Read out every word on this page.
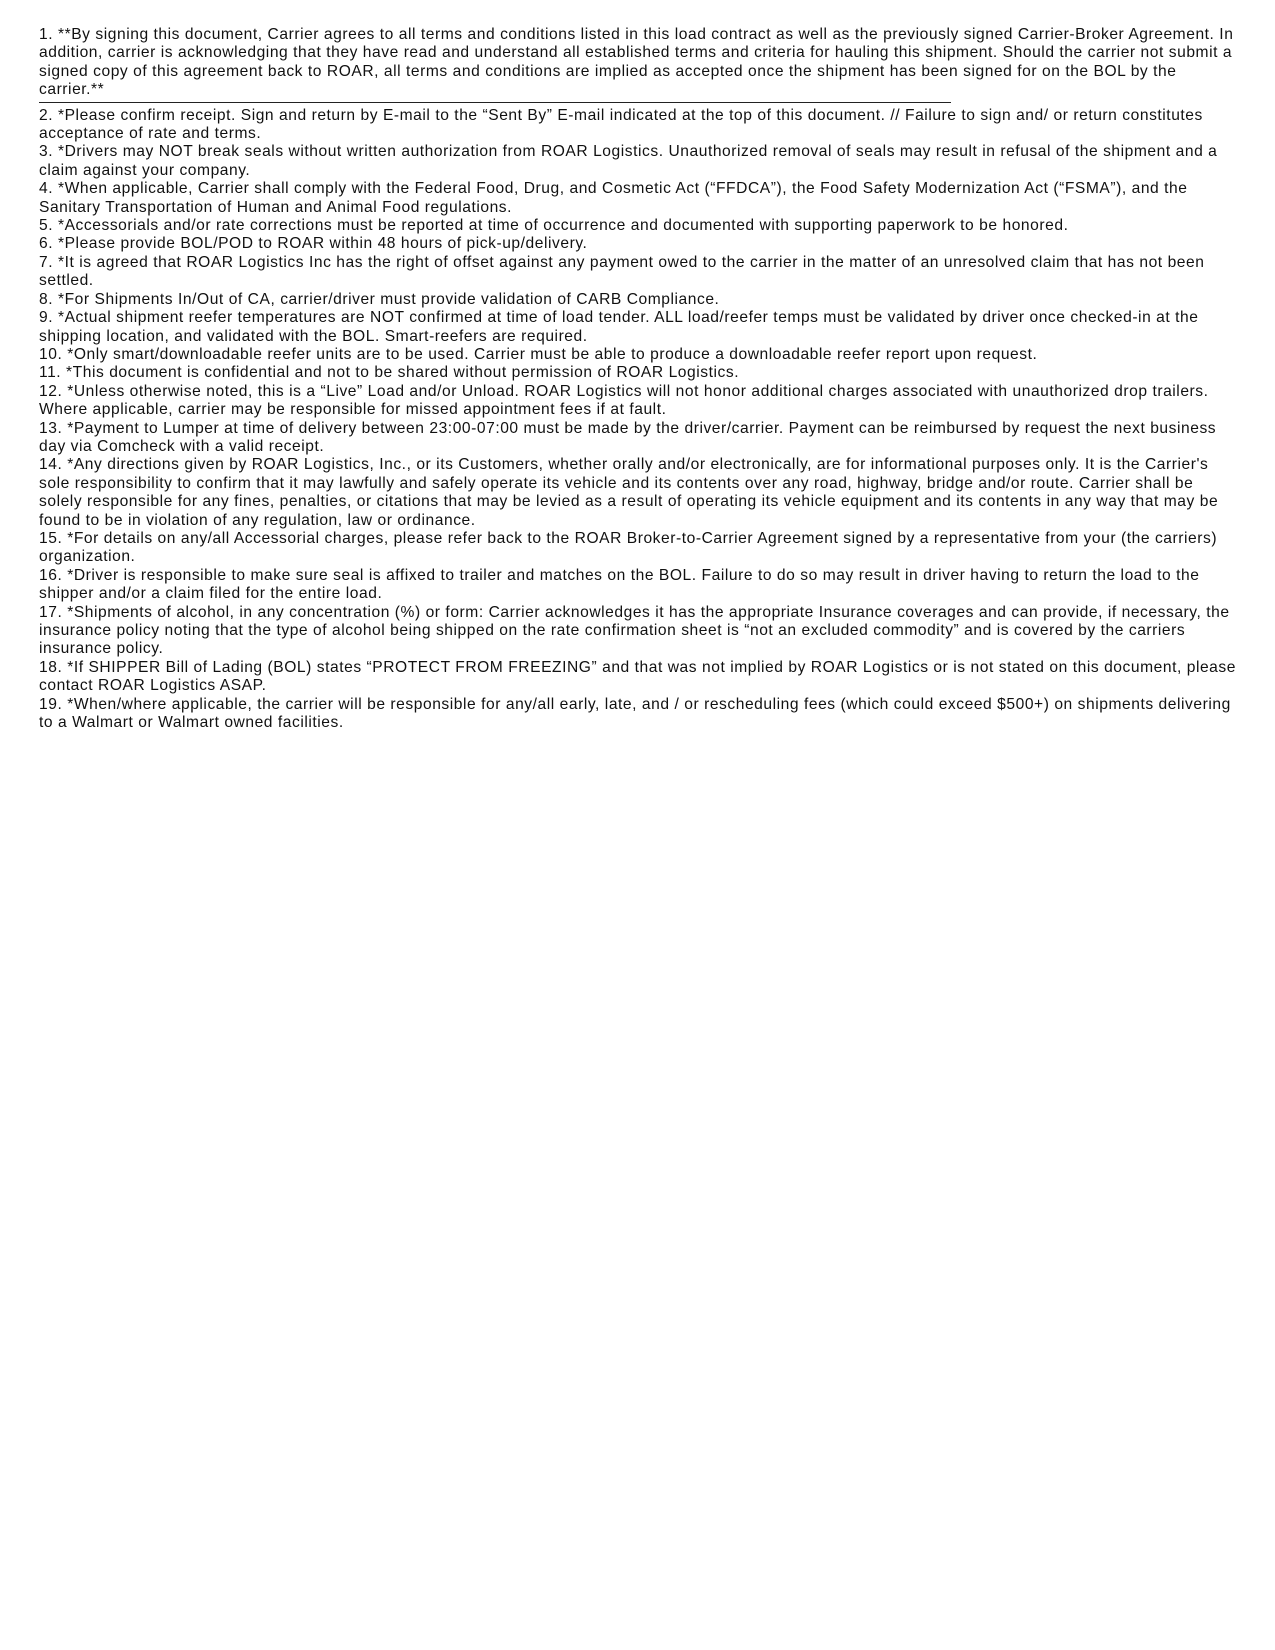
1. **By signing this document, Carrier agrees to all terms and conditions listed in this load contract as well as the previously signed Carrier-Broker Agreement. In addition, carrier is acknowledging that they have read and understand all established terms and criteria for hauling this shipment. Should the carrier not submit a signed copy of this agreement back to ROAR, all terms and conditions are implied as accepted once the shipment has been signed for on the BOL by the carrier.**

2. *Please confirm receipt. Sign and return by E-mail to the “Sent By” E-mail indicated at the top of this document. // Failure to sign and/ or return constitutes acceptance of rate and terms.

3. *Drivers may NOT break seals without written authorization from ROAR Logistics. Unauthorized removal of seals may result in refusal of the shipment and a claim against your company.

4. *When applicable, Carrier shall comply with the Federal Food, Drug, and Cosmetic Act (“FFDCA”), the Food Safety Modernization Act (“FSMA”), and the Sanitary Transportation of Human and Animal Food regulations.

5. *Accessorials and/or rate corrections must be reported at time of occurrence and documented with supporting paperwork to be honored.

6. *Please provide BOL/POD to ROAR within 48 hours of pick-up/delivery.

7. *It is agreed that ROAR Logistics Inc has the right of offset against any payment owed to the carrier in the matter of an unresolved claim that has not been settled.

8. *For Shipments In/Out of CA, carrier/driver must provide validation of CARB Compliance.

9. *Actual shipment reefer temperatures are NOT confirmed at time of load tender. ALL load/reefer temps must be validated by driver once checked-in at the shipping location, and validated with the BOL. Smart-reefers are required.

10. *Only smart/downloadable reefer units are to be used. Carrier must be able to produce a downloadable reefer report upon request.

11. *This document is confidential and not to be shared without permission of ROAR Logistics.

12. *Unless otherwise noted, this is a “Live” Load and/or Unload. ROAR Logistics will not honor additional charges associated with unauthorized drop trailers. Where applicable, carrier may be responsible for missed appointment fees if at fault.

13. *Payment to Lumper at time of delivery between 23:00-07:00 must be made by the driver/carrier. Payment can be reimbursed by request the next business day via Comcheck with a valid receipt.

14. *Any directions given by ROAR Logistics, Inc., or its Customers, whether orally and/or electronically, are for informational purposes only. It is the Carrier's sole responsibility to confirm that it may lawfully and safely operate its vehicle and its contents over any road, highway, bridge and/or route. Carrier shall be solely responsible for any fines, penalties, or citations that may be levied as a result of operating its vehicle equipment and its contents in any way that may be found to be in violation of any regulation, law or ordinance.

15. *For details on any/all Accessorial charges, please refer back to the ROAR Broker-to-Carrier Agreement signed by a representative from your (the carriers) organization.

16. *Driver is responsible to make sure seal is affixed to trailer and matches on the BOL. Failure to do so may result in driver having to return the load to the shipper and/or a claim filed for the entire load.

17. *Shipments of alcohol, in any concentration (%) or form: Carrier acknowledges it has the appropriate Insurance coverages and can provide, if necessary, the insurance policy noting that the type of alcohol being shipped on the rate confirmation sheet is “not an excluded commodity” and is covered by the carriers insurance policy.

18. *If SHIPPER Bill of Lading (BOL) states “PROTECT FROM FREEZING” and that was not implied by ROAR Logistics or is not stated on this document, please contact ROAR Logistics ASAP.

19. *When/where applicable, the carrier will be responsible for any/all early, late, and / or rescheduling fees (which could exceed $500+) on shipments delivering to a Walmart or Walmart owned facilities.
